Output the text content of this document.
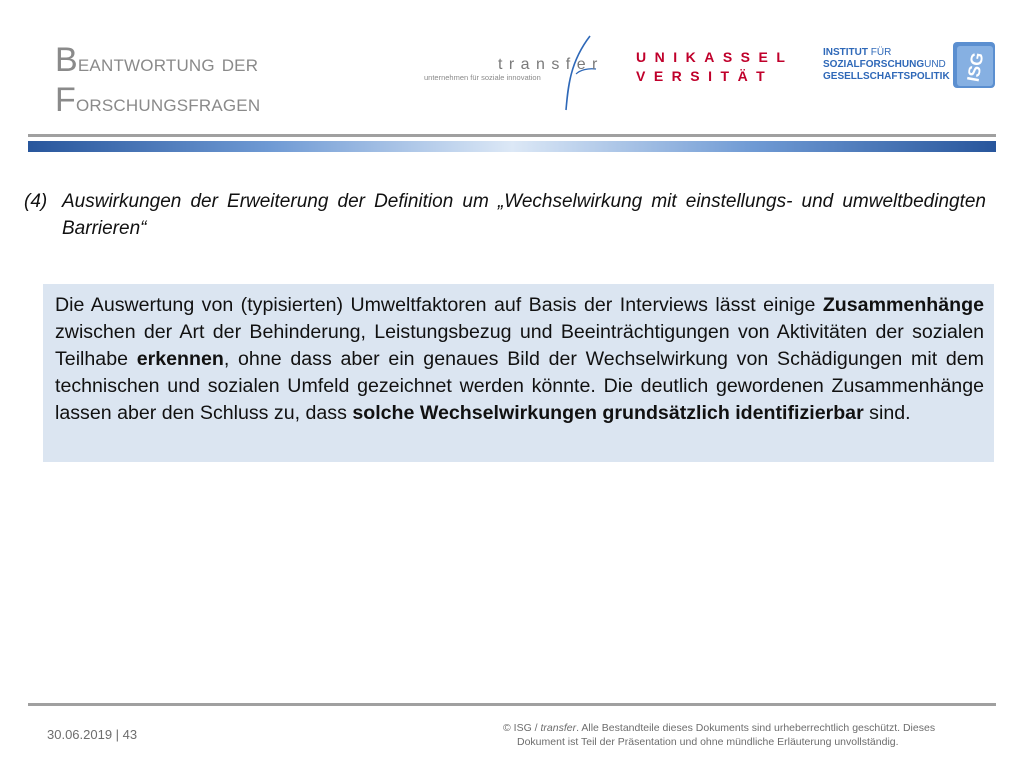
Beantwortung der
Forschungsfragen
t r a n s f e r
unternehmen für soziale innovation
UNIKASSEL
VERSITÄT
INSTITUT FÜR
SOZIALFORSCHUNGUND
GESELLSCHAFTSPOLITIK ISG
(4) Auswirkungen der Erweiterung der Definition um „Wechselwirkung mit einstellungs- und umweltbedingten Barrieren“

Die Auswertung von (typisierten) Umweltfaktoren auf Basis der Interviews lässt einige Zusammenhänge zwischen der Art der Behinderung, Leistungsbezug und Beeinträchtigungen von Aktivitäten der sozialen Teilhabe erkennen, ohne dass aber ein genaues Bild der Wechselwirkung von Schädigungen mit dem technischen und sozialen Umfeld gezeichnet werden könnte. Die deutlich gewordenen Zusammenhänge lassen aber den Schluss zu, dass solche Wechselwirkungen grundsätzlich identifizierbar sind.

30.06.2019 | 43	© ISG / transfer. Alle Bestandteile dieses Dokuments sind urheberrechtlich geschützt. Dieses
Dokument ist Teil der Präsentation und ohne mündliche Erläuterung unvollständig.
